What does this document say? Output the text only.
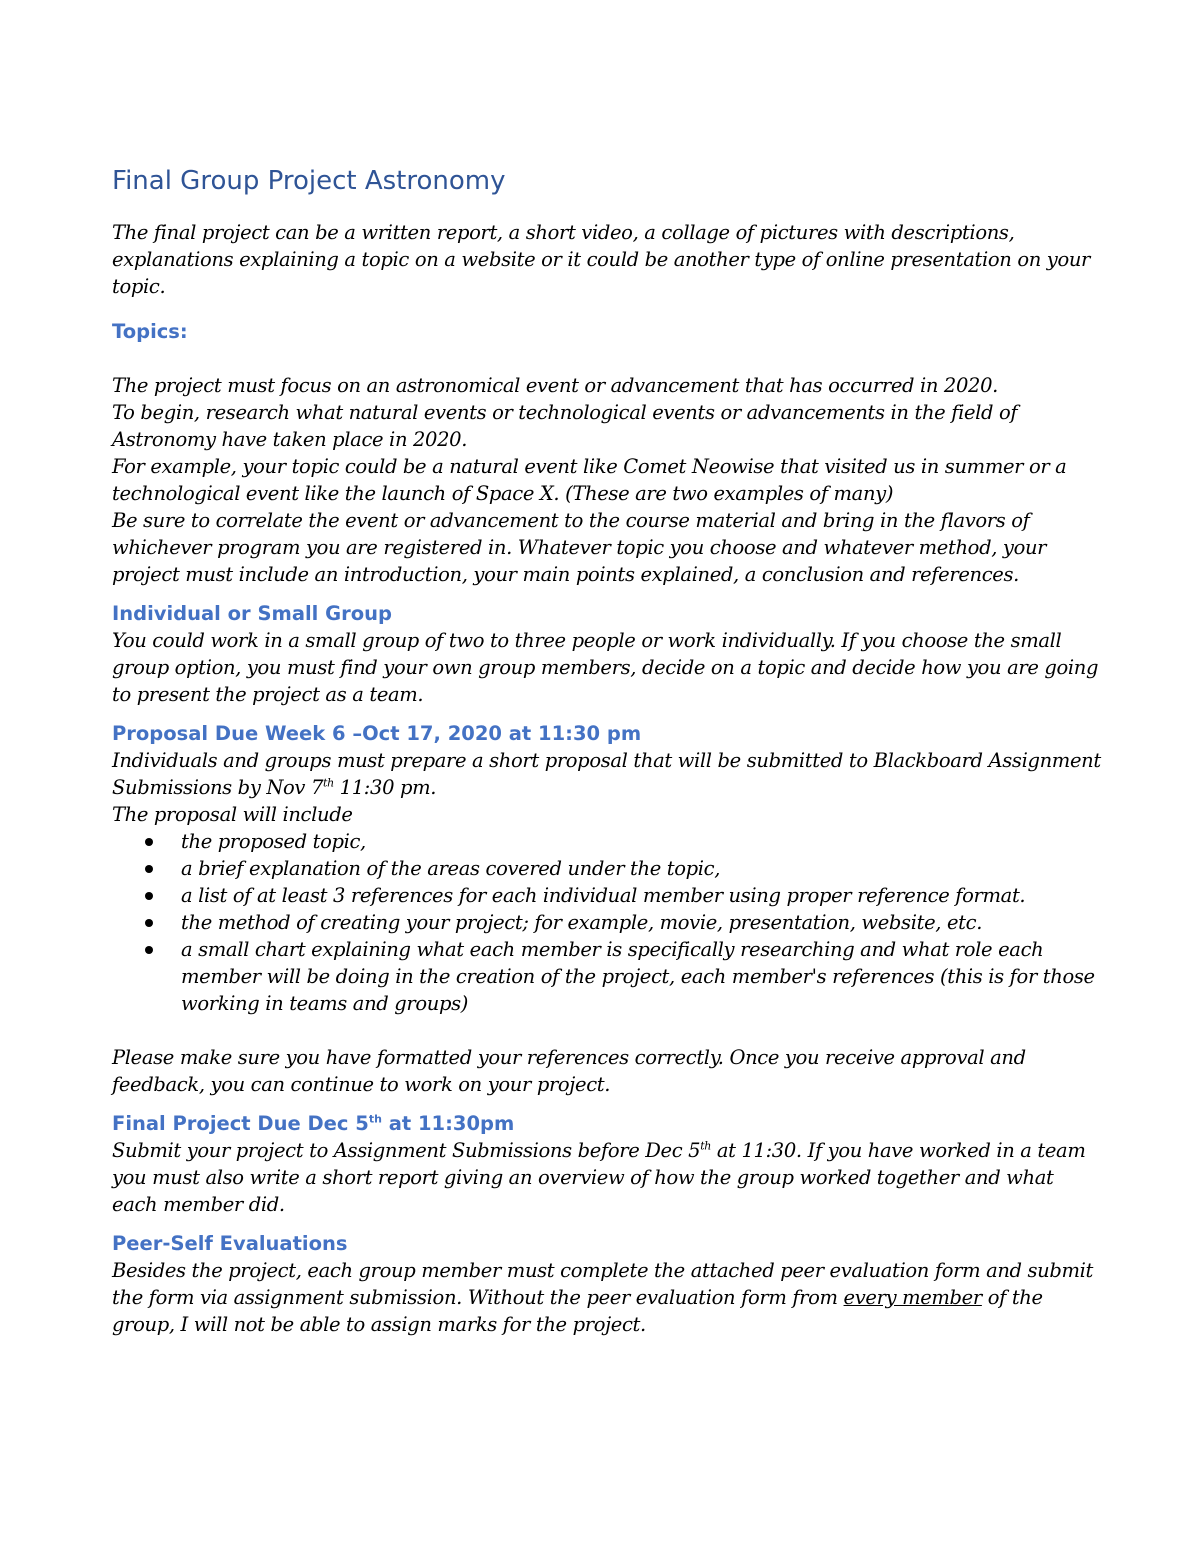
Final Group Project Astronomy

The final project can be a written report, a short video, a collage of pictures with descriptions, explanations explaining a topic on a website or it could be another type of online presentation on your topic.

Topics:

The project must focus on an astronomical event or advancement that has occurred in 2020.

To begin, research what natural events or technological events or advancements in the field of Astronomy have taken place in 2020.

For example, your topic could be a natural event like Comet Neowise that visited us in summer or a technological event like the launch of Space X. (These are two examples of many)

Be sure to correlate the event or advancement to the course material and bring in the flavors of whichever program you are registered in. Whatever topic you choose and whatever method, your project must include an introduction, your main points explained, a conclusion and references.

Individual or Small Group

You could work in a small group of two to three people or work individually. If you choose the small group option, you must find your own group members, decide on a topic and decide how you are going to present the project as a team.

Proposal Due Week 6 –Oct 17, 2020 at 11:30 pm

Individuals and groups must prepare a short proposal that will be submitted to Blackboard Assignment Submissions by Nov 7th 11:30 pm.

The proposal will include

the proposed topic,
a brief explanation of the areas covered under the topic,
a list of at least 3 references for each individual member using proper reference format.
the method of creating your project; for example, movie, presentation, website, etc.
a small chart explaining what each member is specifically researching and what role each member will be doing in the creation of the project, each member's references (this is for those working in teams and groups)

Please make sure you have formatted your references correctly. Once you receive approval and feedback, you can continue to work on your project.

Final Project Due Dec 5th at 11:30pm

Submit your project to Assignment Submissions before Dec 5th at 11:30. If you have worked in a team you must also write a short report giving an overview of how the group worked together and what each member did.

Peer-Self Evaluations

Besides the project, each group member must complete the attached peer evaluation form and submit the form via assignment submission. Without the peer evaluation form from every member of the group, I will not be able to assign marks for the project.
